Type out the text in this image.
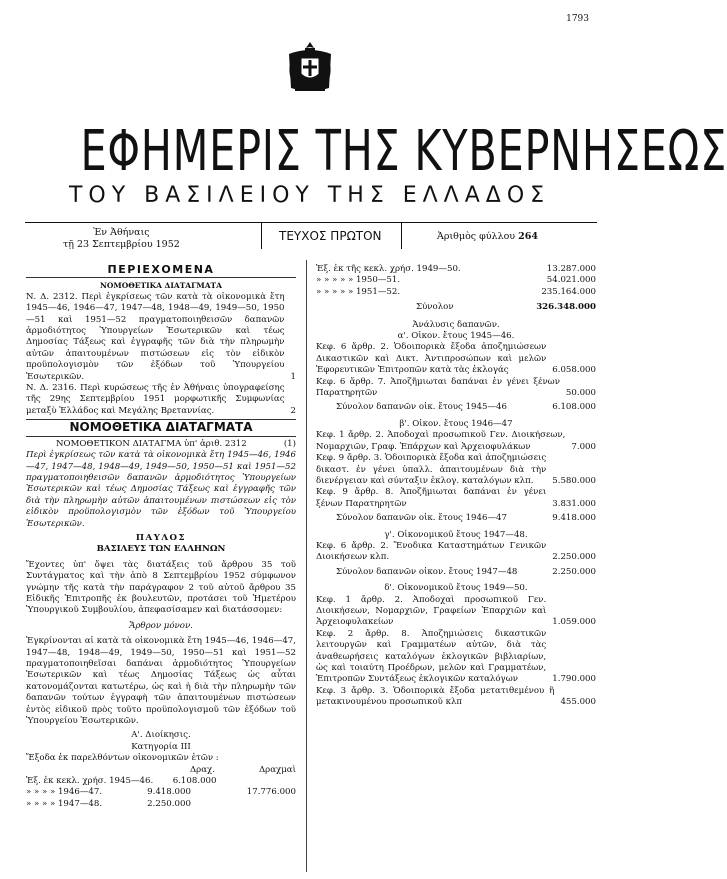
1793
ΕΦΗΜΕΡΙΣ ΤΗΣ ΚΥΒΕΡΝΗΣΕΩΣ
ΤΟΥ ΒΑΣΙΛΕΙΟΥ ΤΗΣ ΕΛΛΑΔΟΣ
Ἐν Ἀθήναις
τῇ 23 Σεπτεμβρίου 1952
ΤΕΥΧΟΣ ΠΡΩΤΟΝ	Ἀριθμὸς φύλλου 264
ΠΕΡΙΕΧΟΜΕΝΑ
ΝΟΜΟΘΕΤΙΚΑ ΔΙΑΤΑΓΜΑΤΑ

Ν. Δ. 2312. Περὶ ἐγκρίσεως τῶν κατὰ τὰ οἰκονομικὰ ἔτη 1945—46, 1946—47, 1947—48, 1948—49, 1949—50, 1950—51 καὶ 1951—52 πραγματοποιηθεισῶν δαπανῶν ἁρμοδιότητος Ὑπουργείων Ἐσωτερικῶν καὶ τέως Δημοσίας Τάξεως καὶ ἐγγραφῆς τῶν διὰ τὴν πληρωμὴν αὐτῶν ἀπαιτουμένων πιστώσεων εἰς τὸν εἰδικὸν προϋπολογισμὸν τῶν ἐξόδων τοῦ Ὑπουργείου Ἐσωτερικῶν.	1

Ν. Δ. 2316. Περὶ κυρώσεως τῆς ἐν Ἀθήναις ὑπογραφείσης τῆς 29ης Σεπτεμβρίου 1951 μορφωτικῆς Συμφωνίας μεταξὺ Ἑλλάδος καὶ Μεγάλης Βρεταννίας.	2
ΝΟΜΟΘΕΤΙΚΑ ΔΙΑΤΑΓΜΑΤΑ
ΝΟΜΟΘΕΤΙΚΟΝ ΔΙΑΤΑΓΜΑ ὑπ' ἀριθ. 2312	(1)

Περὶ ἐγκρίσεως τῶν κατὰ τὰ οἰκονομικὰ ἔτη 1945—46, 1946—47, 1947—48, 1948—49, 1949—50, 1950—51 καὶ 1951—52 πραγματοποιηθεισῶν δαπανῶν ἁρμοδιότητος Ὑπουργείων Ἐσωτερικῶν καὶ τέως Δημοσίας Τάξεως καὶ ἐγγραφῆς τῶν διὰ τὴν πληρωμὴν αὐτῶν ἀπαιτουμένων πιστώσεων εἰς τὸν εἰδικὸν προϋπολογισμὸν τῶν ἐξόδων τοῦ Ὑπουργείου Ἐσωτερικῶν.

ΠΑΥΛΟΣ
ΒΑΣΙΛΕΥΣ ΤΩΝ ΕΛΛΗΝΩΝ

Ἔχοντες ὑπ' ὄψει τὰς διατάξεις τοῦ ἄρθρου 35 τοῦ Συντάγματος καὶ τὴν ἀπὸ 8 Σεπτεμβρίου 1952 σύμφωνον γνώμην τῆς κατὰ τὴν παράγραφον 2 τοῦ αὐτοῦ ἄρθρου 35 Εἰδικῆς Ἐπιτροπῆς ἐκ βουλευτῶν, προτάσει τοῦ Ἡμετέρου Ὑπουργικοῦ Συμβουλίου, ἀπεφασίσαμεν καὶ διατάσσομεν:

Ἄρθρον μόνον.

Ἐγκρίνονται αἱ κατὰ τὰ οἰκονομικὰ ἔτη 1945—46, 1946—47, 1947—48, 1948—49, 1949—50, 1950—51 καὶ 1951—52 πραγματοποιηθεῖσαι δαπάναι ἁρμοδιότητος Ὑπουργείων Ἐσωτερικῶν καὶ τέως Δημοσίας Τάξεως ὡς αὗται κατονομάζονται κατωτέρω, ὡς καὶ ἡ διὰ τὴν πληρωμὴν τῶν δαπανῶν τούτων ἐγγραφὴ τῶν ἀπαιτουμένων πιστώσεων ἐντὸς εἰδικοῦ πρὸς τοῦτο προϋπολογισμοῦ τῶν ἐξόδων τοῦ Ὑπουργείου Ἐσωτερικῶν.

Α'. Διοίκησις.
Κατηγορία ΙΙΙ
Ἔξοδα ἐκ παρελθόντων οἰκονομικῶν ἐτῶν :
Δραχ.	Δραχμαὶ
Ἐξ. ἐκ κεκλ. χρήσ. 1945—46. 6.108.000
» » » » 1946—47.	9.418.000	17.776.000
» » » » 1947—48.	2.250.000
Ἐξ. ἐκ τῆς κεκλ. χρήσ. 1949—50.	13.287.000
» » » » » 1950—51.	54.021.000
» » » » » 1951—52.	235.164.000
Σύνολον	326.348.000
Ἀνάλυσις δαπανῶν.
α'. Οἰκον. ἔτους 1945—46.

Κεφ. 6 ἄρθρ. 2. Ὁδοιπορικὰ ἔξοδα ἀποζημιώσεων Δικαστικῶν καὶ Δικτ. Ἀντιπροσώπων καὶ μελῶν Ἐφορευτικῶν Ἐπιτροπῶν κατὰ τὰς ἐκλογάς	6.058.000

Κεφ. 6 ἄρθρ. 7. Ἀποζῆμιωται δαπάναι ἐν γένει ξένων Παρατηρητῶν	50.000
Σύνολον δαπανῶν οἰκ. ἔτους 1945—46	6.108.000
β'. Οἰκον. ἔτους 1946—47

Κεφ. 1 ἄρθρ. 2. Ἀποδοχαὶ προσωπικοῦ Γεν. Διοικήσεων, Νομαρχιῶν, Γραφ. Ἐπάρχων καὶ Ἀρχειοφυλάκων	7.000

Κεφ. 9 ἄρθρ. 3. Ὁδοιπορικὰ ἔξοδα καὶ ἀποζημιώσεις δικαστ. ἐν γένει ὑπαλλ. ἀπαιτουμένων διὰ τὴν διενέργειαν καὶ σύνταξιν ἐκλογ. καταλόγων κλπ.	5.580.000

Κεφ. 9 ἄρθρ. 8. Ἀποζῆμιωται δαπάναι ἐν γένει ξένων Παρατηρητῶν	3.831.000
Σύνολον δαπανῶν οἰκ. ἔτους 1946—47	9.418.000
γ'. Οἰκονομικοῦ ἔτους 1947—48.

Κεφ. 6 ἄρθρ. 2. Ἔνοδικα Καταστημάτων Γενικῶν Διοικήσεων κλπ.	2.250.000
Σύνολον δαπανῶν οἰκον. ἔτους 1947—48	2.250.000
δ'. Οἰκονομικοῦ ἔτους 1949—50.

Κεφ. 1 ἄρθρ. 2. Ἀποδοχαὶ προσωπικοῦ Γεν. Διοικήσεων, Νομαρχιῶν, Γραφείων Ἐπαρχιῶν καὶ Ἀρχειοφυλακείων	1.059.000

Κεφ. 2 ἄρθρ. 8. Ἀποζημιώσεις δικαστικῶν λειτουργῶν καὶ Γραμματέων αὐτῶν, διὰ τὰς ἀναθεωρήσεις καταλόγων ἐκλογικῶν βιβλιαρίων, ὡς καὶ τοιαύτη Προέδρων, μελῶν καὶ Γραμματέων, Ἐπιτροπῶν Συντάξεως ἐκλογικῶν καταλόγων	1.790.000

Κεφ. 3 ἄρθρ. 3. Ὁδοιπορικὰ ἔξοδα μετατιθεμένου ἢ μετακινουμένου προσωπικοῦ κλπ	455.000
